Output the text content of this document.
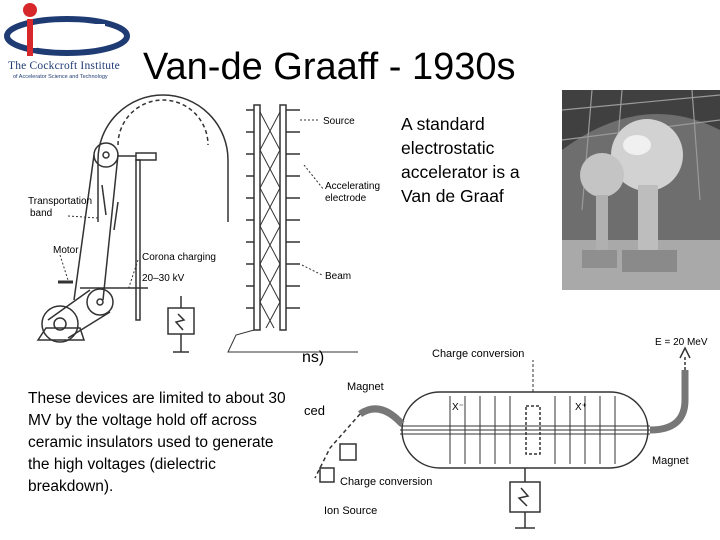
The Cockcroft Institute
of Accelerator Science and Technology Van-de Graaff - 1930s
Source
Accelerating
electrode
Transportation
band
Motor
Corona charging
20–30 kV	Beam
A standard electrostatic accelerator is a Van de Graaf
Charge conversion
E = 20 MeV
Magnet
Magnet
Charge conversion
Ion Source
X⁻	X⁺
ns)
ced
These devices are limited to about 30 MV by the voltage hold off across ceramic insulators used to generate the high voltages (dielectric breakdown).
